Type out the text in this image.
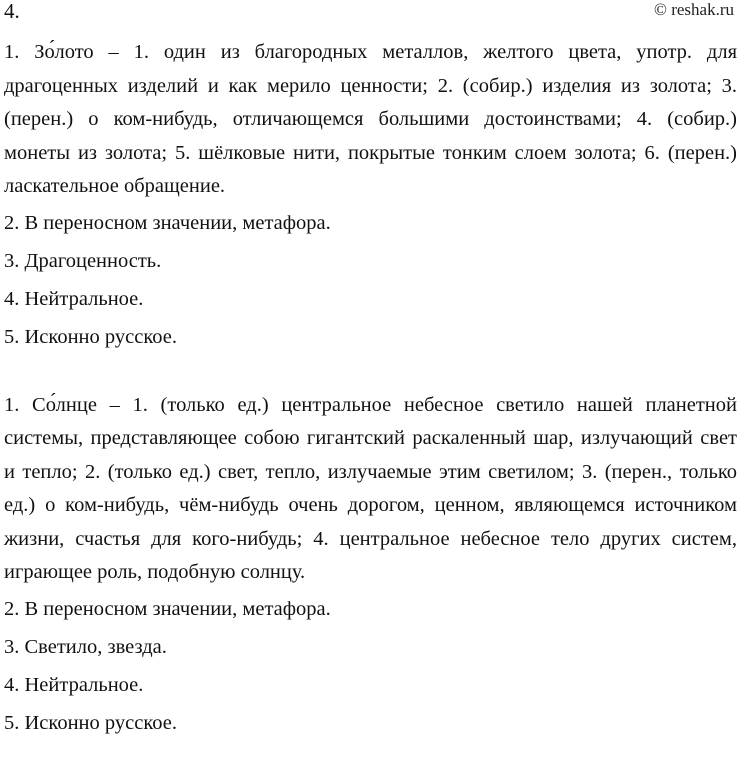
4.	© reshak.ru

1. Зо́лото – 1. один из благородных металлов, желтого цвета, употр. для драгоценных изделий и как мерило ценности; 2. (собир.) изделия из золота; 3. (перен.) о ком-нибудь, отличающемся большими достоинствами; 4. (собир.) монеты из золота; 5. шёлковые нити, покрытые тонким слоем золота; 6. (перен.) ласкательное обращение.

2. В переносном значении, метафора.

3. Драгоценность.

4. Нейтральное.

5. Исконно русское.

1. Со́лнце – 1. (только ед.) центральное небесное светило нашей планетной системы, представляющее собою гигантский раскаленный шар, излучающий свет и тепло; 2. (только ед.) свет, тепло, излучаемые этим светилом; 3. (перен., только ед.) о ком-нибудь, чём-нибудь очень дорогом, ценном, являющемся источником жизни, счастья для кого-нибудь; 4. центральное небесное тело других систем, играющее роль, подобную солнцу.

2. В переносном значении, метафора.

3. Светило, звезда.

4. Нейтральное.

5. Исконно русское.
